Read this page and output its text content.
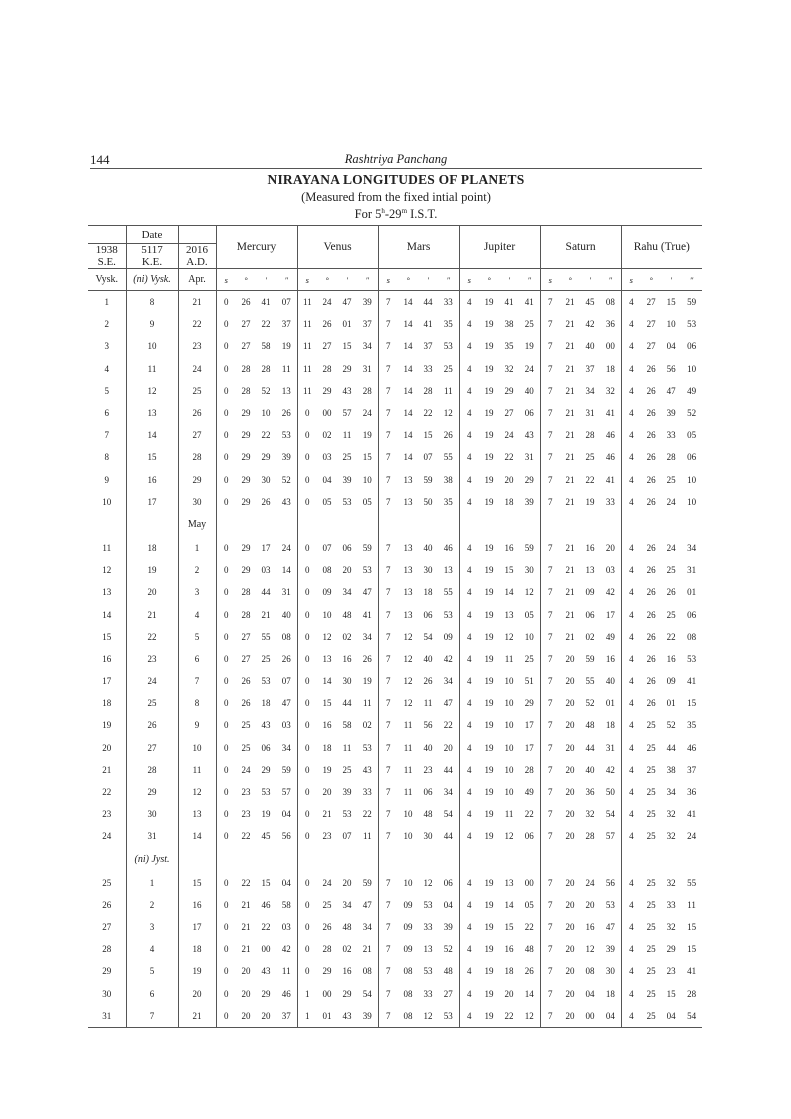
144	Rashtriya Panchang
NIRAYANA LONGITUDES OF PLANETS
(Measured from the fixed intial point)
For 5$^h$-29$^m$ I.S.T.
	Date		Mercury				Venus				Mars				Jupiter				Saturn				Rahu (True)			
1938	5117	2016																								
S.E.	K.E.	A.D.																								
Vysk.	(ni) Vysk.	Apr.	s	°	′	″	s	°	′	″	s	°	′	″	s	°	′	″	s	°	′	″	s	°	′	″
1	8	21	0	26	41	07	11	24	47	39	7	14	44	33	4	19	41	41	7	21	45	08	4	27	15	59
2	9	22	0	27	22	37	11	26	01	37	7	14	41	35	4	19	38	25	7	21	42	36	4	27	10	53
3	10	23	0	27	58	19	11	27	15	34	7	14	37	53	4	19	35	19	7	21	40	00	4	27	04	06
4	11	24	0	28	28	11	11	28	29	31	7	14	33	25	4	19	32	24	7	21	37	18	4	26	56	10
5	12	25	0	28	52	13	11	29	43	28	7	14	28	11	4	19	29	40	7	21	34	32	4	26	47	49
6	13	26	0	29	10	26	0	00	57	24	7	14	22	12	4	19	27	06	7	21	31	41	4	26	39	52
7	14	27	0	29	22	53	0	02	11	19	7	14	15	26	4	19	24	43	7	21	28	46	4	26	33	05
8	15	28	0	29	29	39	0	03	25	15	7	14	07	55	4	19	22	31	7	21	25	46	4	26	28	06
9	16	29	0	29	30	52	0	04	39	10	7	13	59	38	4	19	20	29	7	21	22	41	4	26	25	10
10	17	30	0	29	26	43	0	05	53	05	7	13	50	35	4	19	18	39	7	21	19	33	4	26	24	10
		May																								
11	18	1	0	29	17	24	0	07	06	59	7	13	40	46	4	19	16	59	7	21	16	20	4	26	24	34
12	19	2	0	29	03	14	0	08	20	53	7	13	30	13	4	19	15	30	7	21	13	03	4	26	25	31
13	20	3	0	28	44	31	0	09	34	47	7	13	18	55	4	19	14	12	7	21	09	42	4	26	26	01
14	21	4	0	28	21	40	0	10	48	41	7	13	06	53	4	19	13	05	7	21	06	17	4	26	25	06
15	22	5	0	27	55	08	0	12	02	34	7	12	54	09	4	19	12	10	7	21	02	49	4	26	22	08
16	23	6	0	27	25	26	0	13	16	26	7	12	40	42	4	19	11	25	7	20	59	16	4	26	16	53
17	24	7	0	26	53	07	0	14	30	19	7	12	26	34	4	19	10	51	7	20	55	40	4	26	09	41
18	25	8	0	26	18	47	0	15	44	11	7	12	11	47	4	19	10	29	7	20	52	01	4	26	01	15
19	26	9	0	25	43	03	0	16	58	02	7	11	56	22	4	19	10	17	7	20	48	18	4	25	52	35
20	27	10	0	25	06	34	0	18	11	53	7	11	40	20	4	19	10	17	7	20	44	31	4	25	44	46
21	28	11	0	24	29	59	0	19	25	43	7	11	23	44	4	19	10	28	7	20	40	42	4	25	38	37
22	29	12	0	23	53	57	0	20	39	33	7	11	06	34	4	19	10	49	7	20	36	50	4	25	34	36
23	30	13	0	23	19	04	0	21	53	22	7	10	48	54	4	19	11	22	7	20	32	54	4	25	32	41
24	31	14	0	22	45	56	0	23	07	11	7	10	30	44	4	19	12	06	7	20	28	57	4	25	32	24
	(ni) Jyst.																									
25	1	15	0	22	15	04	0	24	20	59	7	10	12	06	4	19	13	00	7	20	24	56	4	25	32	55
26	2	16	0	21	46	58	0	25	34	47	7	09	53	04	4	19	14	05	7	20	20	53	4	25	33	11
27	3	17	0	21	22	03	0	26	48	34	7	09	33	39	4	19	15	22	7	20	16	47	4	25	32	15
28	4	18	0	21	00	42	0	28	02	21	7	09	13	52	4	19	16	48	7	20	12	39	4	25	29	15
29	5	19	0	20	43	11	0	29	16	08	7	08	53	48	4	19	18	26	7	20	08	30	4	25	23	41
30	6	20	0	20	29	46	1	00	29	54	7	08	33	27	4	19	20	14	7	20	04	18	4	25	15	28
31	7	21	0	20	20	37	1	01	43	39	7	08	12	53	4	19	22	12	7	20	00	04	4	25	04	54
